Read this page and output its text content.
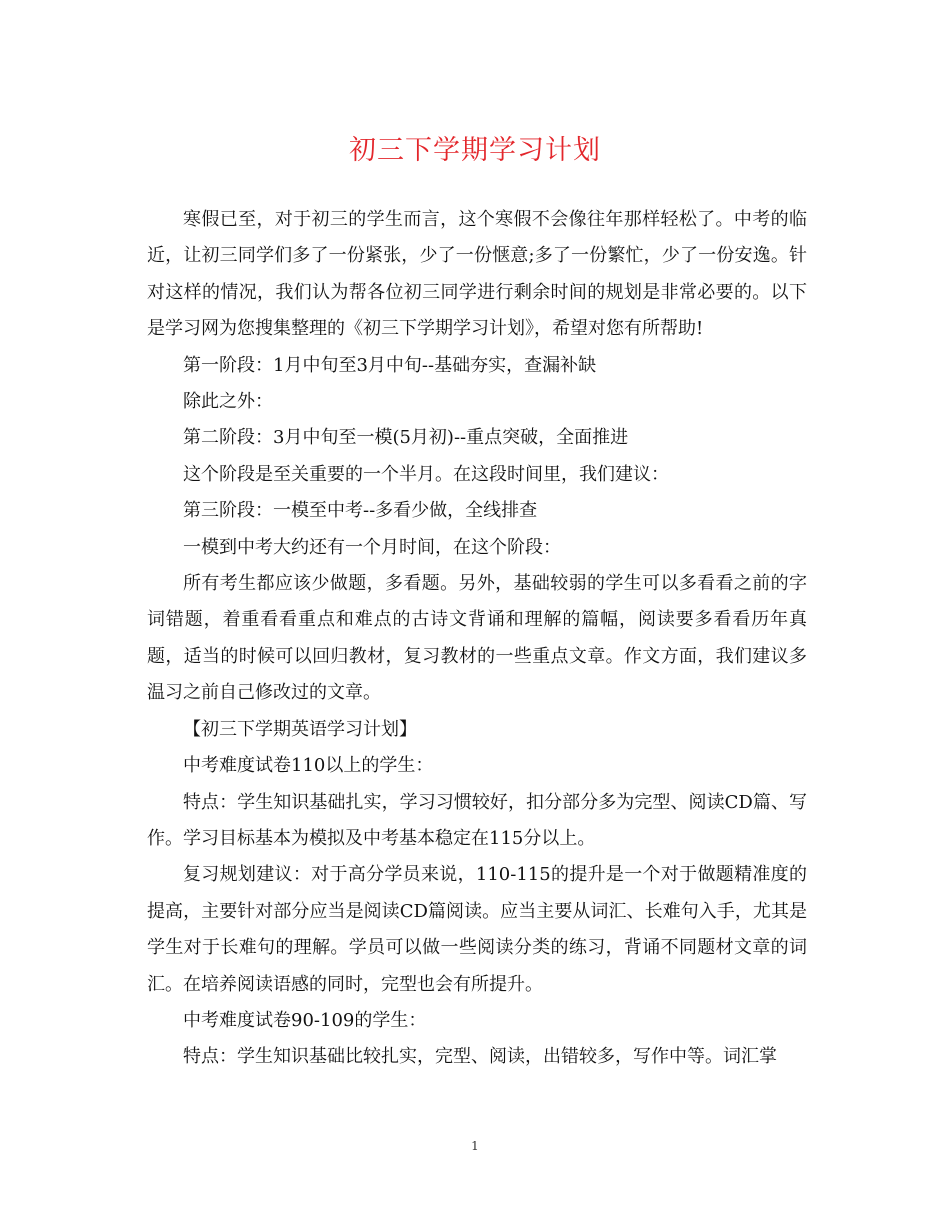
初三下学期学习计划

寒假已至，对于初三的学生而言，这个寒假不会像往年那样轻松了。中考的临近，让初三同学们多了一份紧张，少了一份惬意;多了一份繁忙，少了一份安逸。针对这样的情况，我们认为帮各位初三同学进行剩余时间的规划是非常必要的。以下是学习网为您搜集整理的《初三下学期学习计划》，希望对您有所帮助!

第一阶段：1月中旬至3月中旬--基础夯实，查漏补缺

除此之外：

第二阶段：3月中旬至一模(5月初)--重点突破，全面推进

这个阶段是至关重要的一个半月。在这段时间里，我们建议：

第三阶段：一模至中考--多看少做，全线排查

一模到中考大约还有一个月时间，在这个阶段：

所有考生都应该少做题，多看题。另外，基础较弱的学生可以多看看之前的字词错题，着重看看重点和难点的古诗文背诵和理解的篇幅，阅读要多看看历年真题，适当的时候可以回归教材，复习教材的一些重点文章。作文方面，我们建议多温习之前自己修改过的文章。

【初三下学期英语学习计划】

中考难度试卷110以上的学生：

特点：学生知识基础扎实，学习习惯较好，扣分部分多为完型、阅读CD篇、写作。学习目标基本为模拟及中考基本稳定在115分以上。

复习规划建议：对于高分学员来说，110-115的提升是一个对于做题精准度的提高，主要针对部分应当是阅读CD篇阅读。应当主要从词汇、长难句入手，尤其是学生对于长难句的理解。学员可以做一些阅读分类的练习，背诵不同题材文章的词汇。在培养阅读语感的同时，完型也会有所提升。

中考难度试卷90-109的学生：

特点：学生知识基础比较扎实，完型、阅读，出错较多，写作中等。词汇掌

1
